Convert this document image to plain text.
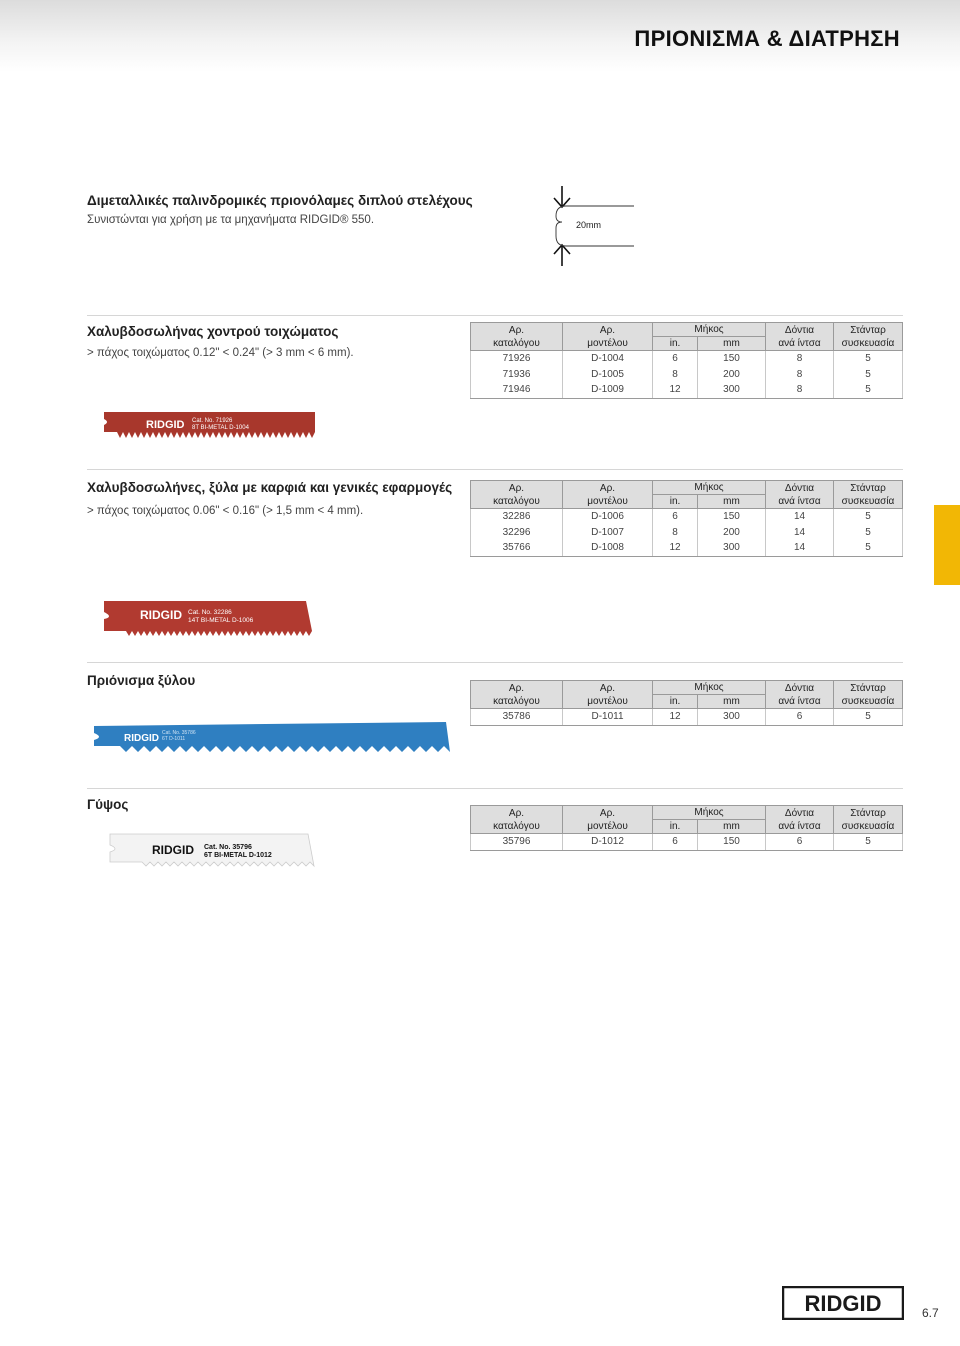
ΠΡΙΟΝΙΣΜΑ & ΔΙΑΤΡΗΣΗ
Διμεταλλικές παλινδρομικές πριονόλαμες διπλού στελέχους
Συνιστώνται για χρήση με τα μηχανήματα RIDGID® 550.	20mm
Χαλυβδοσωλήνας χοντρού τοιχώματος
> πάχος τοιχώματος 0.12" < 0.24" (> 3 mm < 6 mm).
Αρ.
καταλόγου	Αρ.
μοντέλου	Μήκος		Δόντια
ανά ίντσα	Στάνταρ
συσκευασία
		in.	mm		
71926	D-1004	6	150	8	5
71936	D-1005	8	200	8	5
71946	D-1009	12	300	8	5
RIDGID Cat. No. 71926
8T BI-METAL D-1004
Χαλυβδοσωλήνες, ξύλα με καρφιά και γενικές εφαρμογές
> πάχος τοιχώματος 0.06" < 0.16" (> 1,5 mm < 4 mm).
Αρ.
καταλόγου	Αρ.
μοντέλου	Μήκος		Δόντια
ανά ίντσα	Στάνταρ
συσκευασία
		in.	mm		
32286	D-1006	6	150	14	5
32296	D-1007	8	200	14	5
35766	D-1008	12	300	14	5
RIDGID Cat. No. 32286
14T BI-METAL D-1006
Πριόνισμα ξύλου	Αρ.
καταλόγου	Αρ.
μοντέλου	Μήκος		Δόντια
ανά ίντσα	Στάνταρ
συσκευασία
		in.	mm		
35786	D-1011	12	300	6	5
RIDGID Cat. No. 35786
6T D-1011
Γύψος
Αρ.
καταλόγου	Αρ.
μοντέλου	Μήκος		Δόντια
ανά ίντσα	Στάνταρ
συσκευασία
		in.	mm		
35796	D-1012	6	150	6	5
RIDGID Cat. No. 35796
6T BI-METAL D-1012
RIDGID	6.7
